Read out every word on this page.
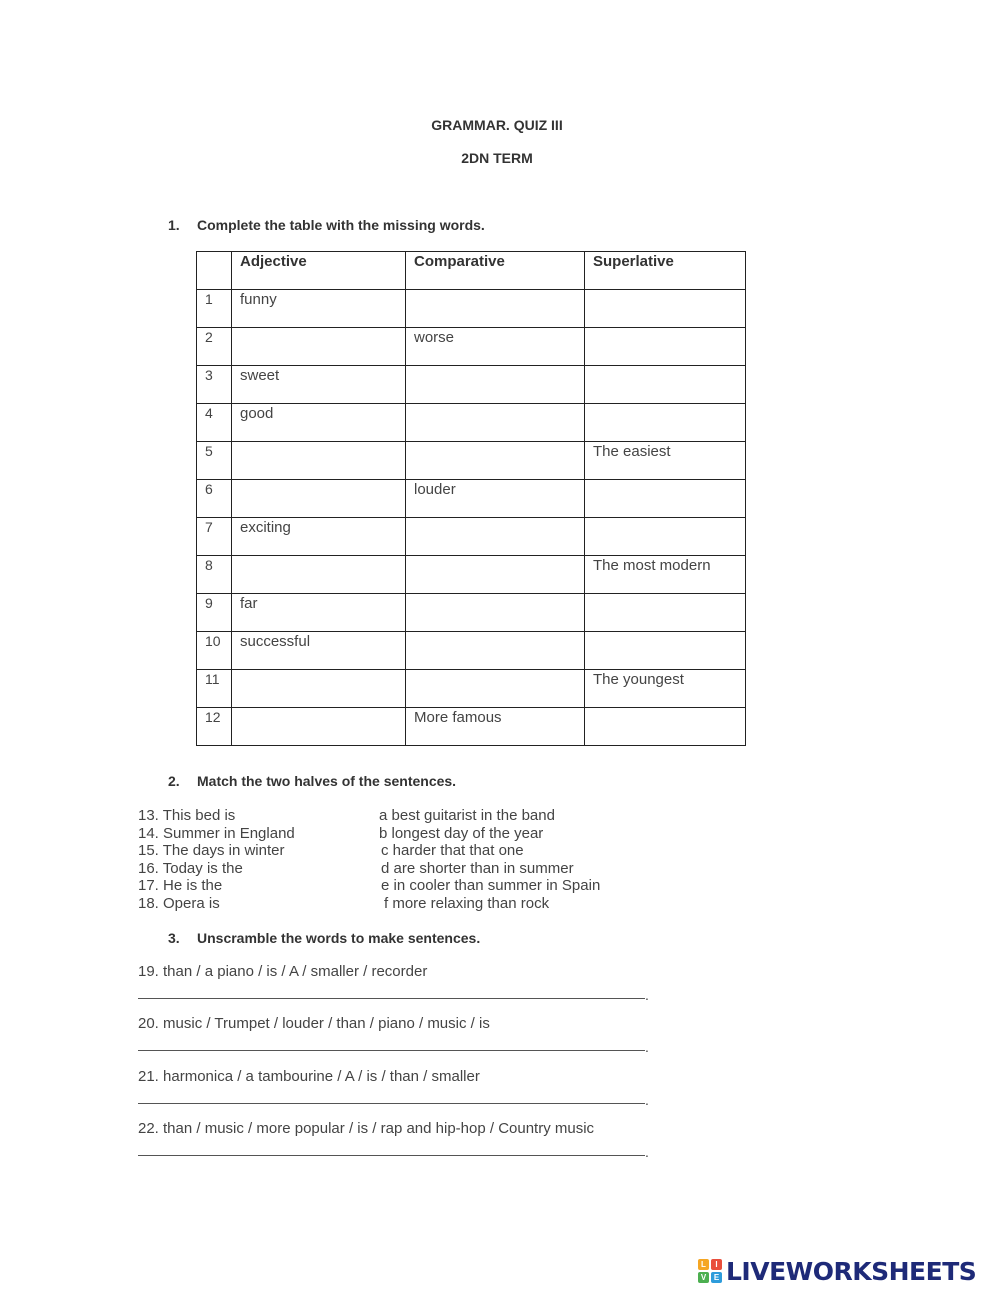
GRAMMAR. QUIZ III
2DN TERM
1. Complete the table with the missing words.
	Adjective	Comparative	Superlative
1	funny		
2		worse	
3	sweet		
4	good		
5			The easiest
6		louder	
7	exciting		
8			The most modern
9	far		
10	successful		
11			The youngest
12		More famous	
2. Match the two halves of the sentences.
13. This bed is	a best guitarist in the band
14. Summer in England	b longest day of the year
15. The days in winter	c harder that that one
16. Today is the	d are shorter than in summer
17. He is the	e in cooler than summer in Spain
18. Opera is	f more relaxing than rock
3. Unscramble the words to make sentences.
19. than / a piano / is / A / smaller / recorder
.
20. music / Trumpet / louder / than / piano / music / is
.
21. harmonica / a tambourine / A / is / than / smaller
.
22. than / music / more popular / is / rap and hip-hop / Country music
.
L	I
V E LIVEWORKSHEETS
